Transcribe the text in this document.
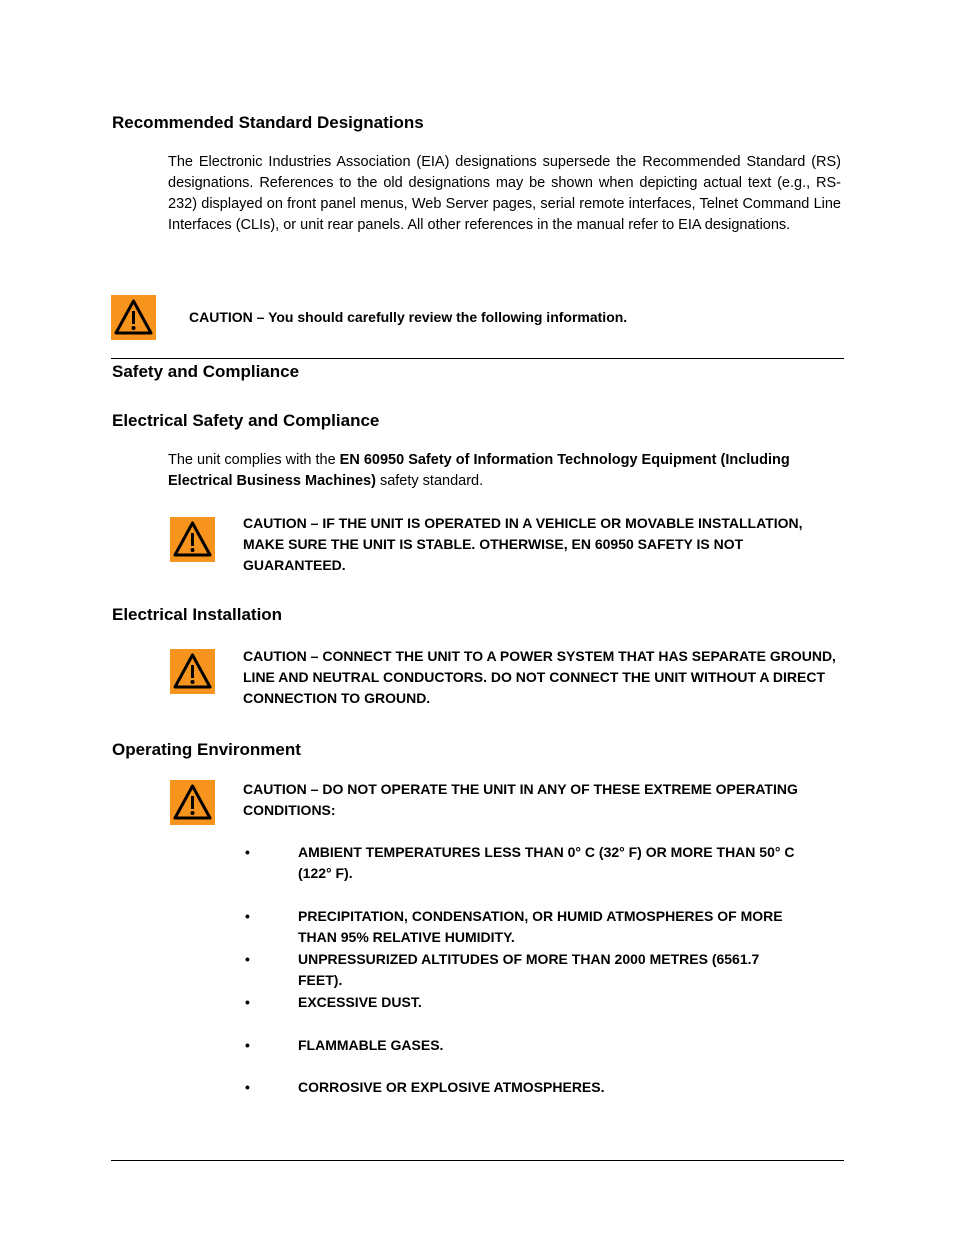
Recommended Standard Designations
The Electronic Industries Association (EIA) designations supersede the Recommended Standard (RS) designations. References to the old designations may be shown when depicting actual text (e.g., RS-232) displayed on front panel menus, Web Server pages, serial remote interfaces, Telnet Command Line Interfaces (CLIs), or unit rear panels. All other references in the manual refer to EIA designations.
CAUTION – You should carefully review the following information.
Safety and Compliance
Electrical Safety and Compliance
The unit complies with the EN 60950 Safety of Information Technology Equipment (Including Electrical Business Machines) safety standard.
CAUTION – IF THE UNIT IS OPERATED IN A VEHICLE OR MOVABLE INSTALLATION, MAKE SURE THE UNIT IS STABLE. OTHERWISE, EN 60950 SAFETY IS NOT GUARANTEED.
Electrical Installation
CAUTION – CONNECT THE UNIT TO A POWER SYSTEM THAT HAS SEPARATE GROUND, LINE AND NEUTRAL CONDUCTORS. DO NOT CONNECT THE UNIT WITHOUT A DIRECT CONNECTION TO GROUND.
Operating Environment
CAUTION – DO NOT OPERATE THE UNIT IN ANY OF THESE EXTREME OPERATING CONDITIONS:
•	AMBIENT TEMPERATURES LESS THAN 0° C (32° F) OR MORE THAN 50° C (122° F).
•	PRECIPITATION, CONDENSATION, OR HUMID ATMOSPHERES OF MORE THAN 95% RELATIVE HUMIDITY.
•	UNPRESSURIZED ALTITUDES OF MORE THAN 2000 METRES (6561.7 FEET).
•	EXCESSIVE DUST.
•	FLAMMABLE GASES.
•	CORROSIVE OR EXPLOSIVE ATMOSPHERES.
